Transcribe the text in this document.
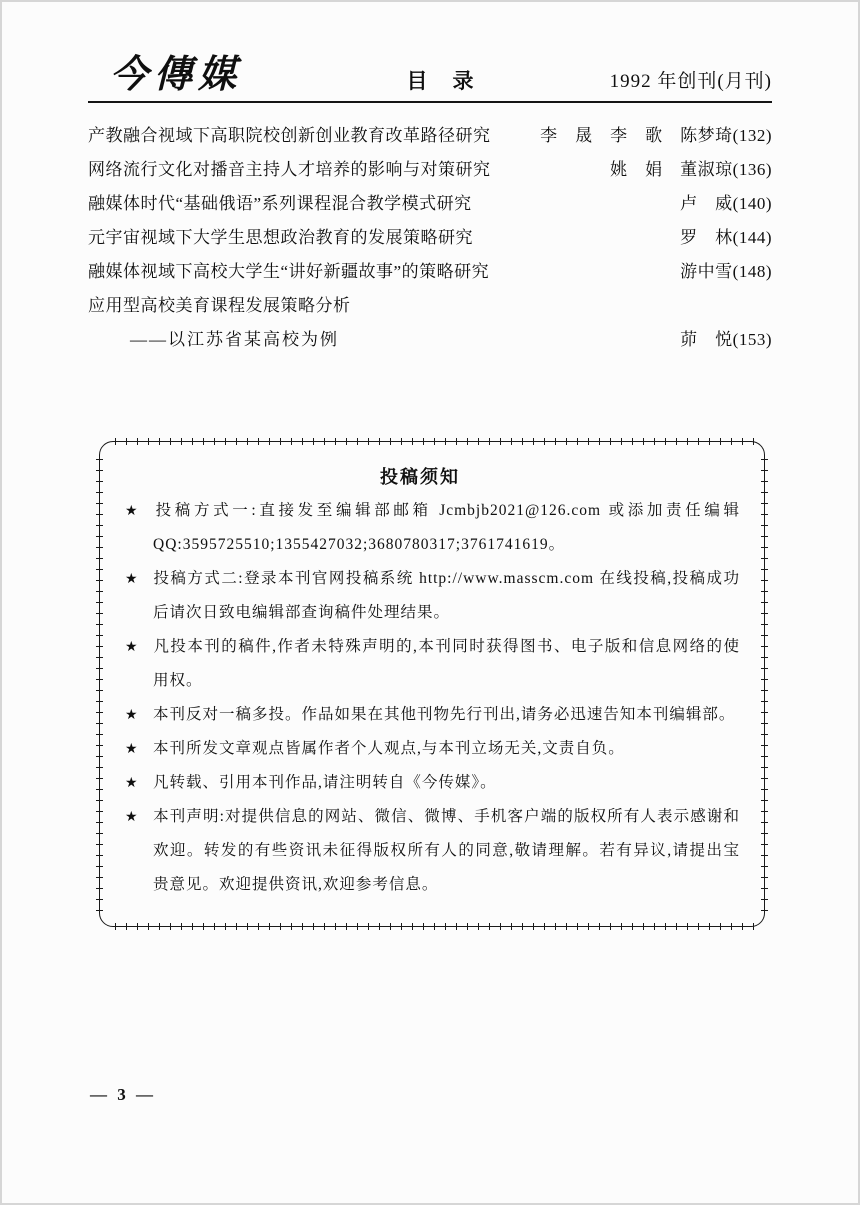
今傳媒	目　录	1992 年创刊(月刊)
产教融合视域下高职院校创新创业教育改革路径研究	李　晟　李　歌　陈梦琦(132)
网络流行文化对播音主持人才培养的影响与对策研究	姚　娟　董淑琼(136)
融媒体时代“基础俄语”系列课程混合教学模式研究	卢　威(140)
元宇宙视域下大学生思想政治教育的发展策略研究	罗　林(144)
融媒体视域下高校大学生“讲好新疆故事”的策略研究	游中雪(148)
应用型高校美育课程发展策略分析
——以江苏省某高校为例	茆　悦(153)
投稿须知
★ 投稿方式一:直接发至编辑部邮箱 Jcmbjb2021@126.com 或添加责任编辑 QQ:3595725510;1355427032;3680780317;3761741619。
★ 投稿方式二:登录本刊官网投稿系统 http://www.masscm.com 在线投稿,投稿成功后请次日致电编辑部查询稿件处理结果。
★ 凡投本刊的稿件,作者未特殊声明的,本刊同时获得图书、电子版和信息网络的使用权。
★ 本刊反对一稿多投。作品如果在其他刊物先行刊出,请务必迅速告知本刊编辑部。
★ 本刊所发文章观点皆属作者个人观点,与本刊立场无关,文责自负。
★ 凡转载、引用本刊作品,请注明转自《今传媒》。
★ 本刊声明:对提供信息的网站、微信、微博、手机客户端的版权所有人表示感谢和欢迎。转发的有些资讯未征得版权所有人的同意,敬请理解。若有异议,请提出宝贵意见。欢迎提供资讯,欢迎参考信息。
— 3 —
